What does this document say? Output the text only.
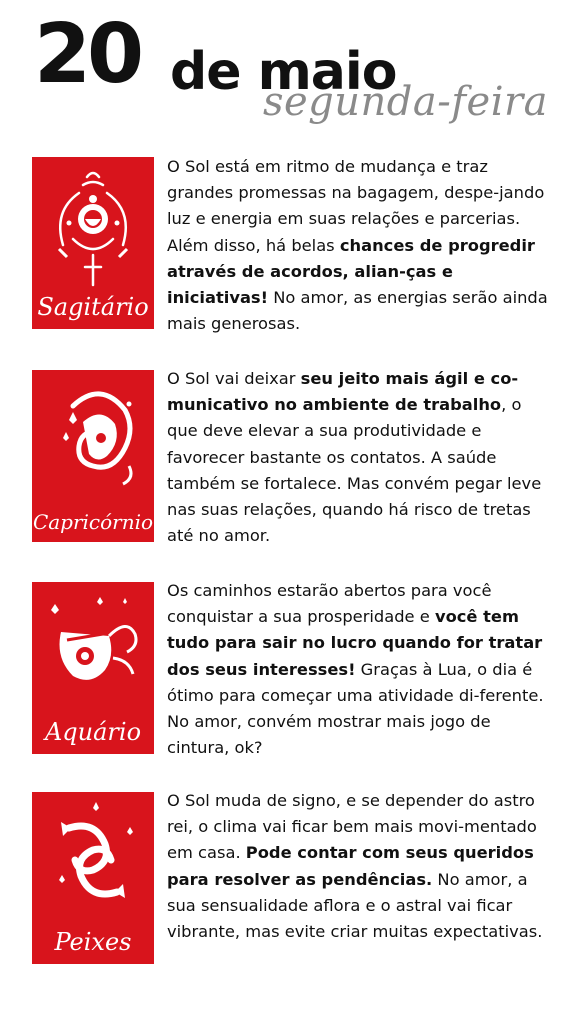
20 de maio
segunda-feira
Sagitário

O Sol está em ritmo de mudança e traz grandes promessas na bagagem, despe-jando luz e energia em suas relações e parcerias. Além disso, há belas chances de progredir através de acordos, alian-ças e iniciativas! No amor, as energias serão ainda mais generosas.

Capricórnio

O Sol vai deixar seu jeito mais ágil e co-municativo no ambiente de trabalho, o que deve elevar a sua produtividade e favorecer bastante os contatos. A saúde também se fortalece. Mas convém pegar leve nas suas relações, quando há risco de tretas até no amor.

Aquário

Os caminhos estarão abertos para você conquistar a sua prosperidade e você tem tudo para sair no lucro quando for tratar dos seus interesses! Graças à Lua, o dia é ótimo para começar uma atividade di-ferente. No amor, convém mostrar mais jogo de cintura, ok?

Peixes

O Sol muda de signo, e se depender do astro rei, o clima vai ficar bem mais movi-mentado em casa. Pode contar com seus queridos para resolver as pendências. No amor, a sua sensualidade aflora e o astral vai ficar vibrante, mas evite criar muitas expectativas.
